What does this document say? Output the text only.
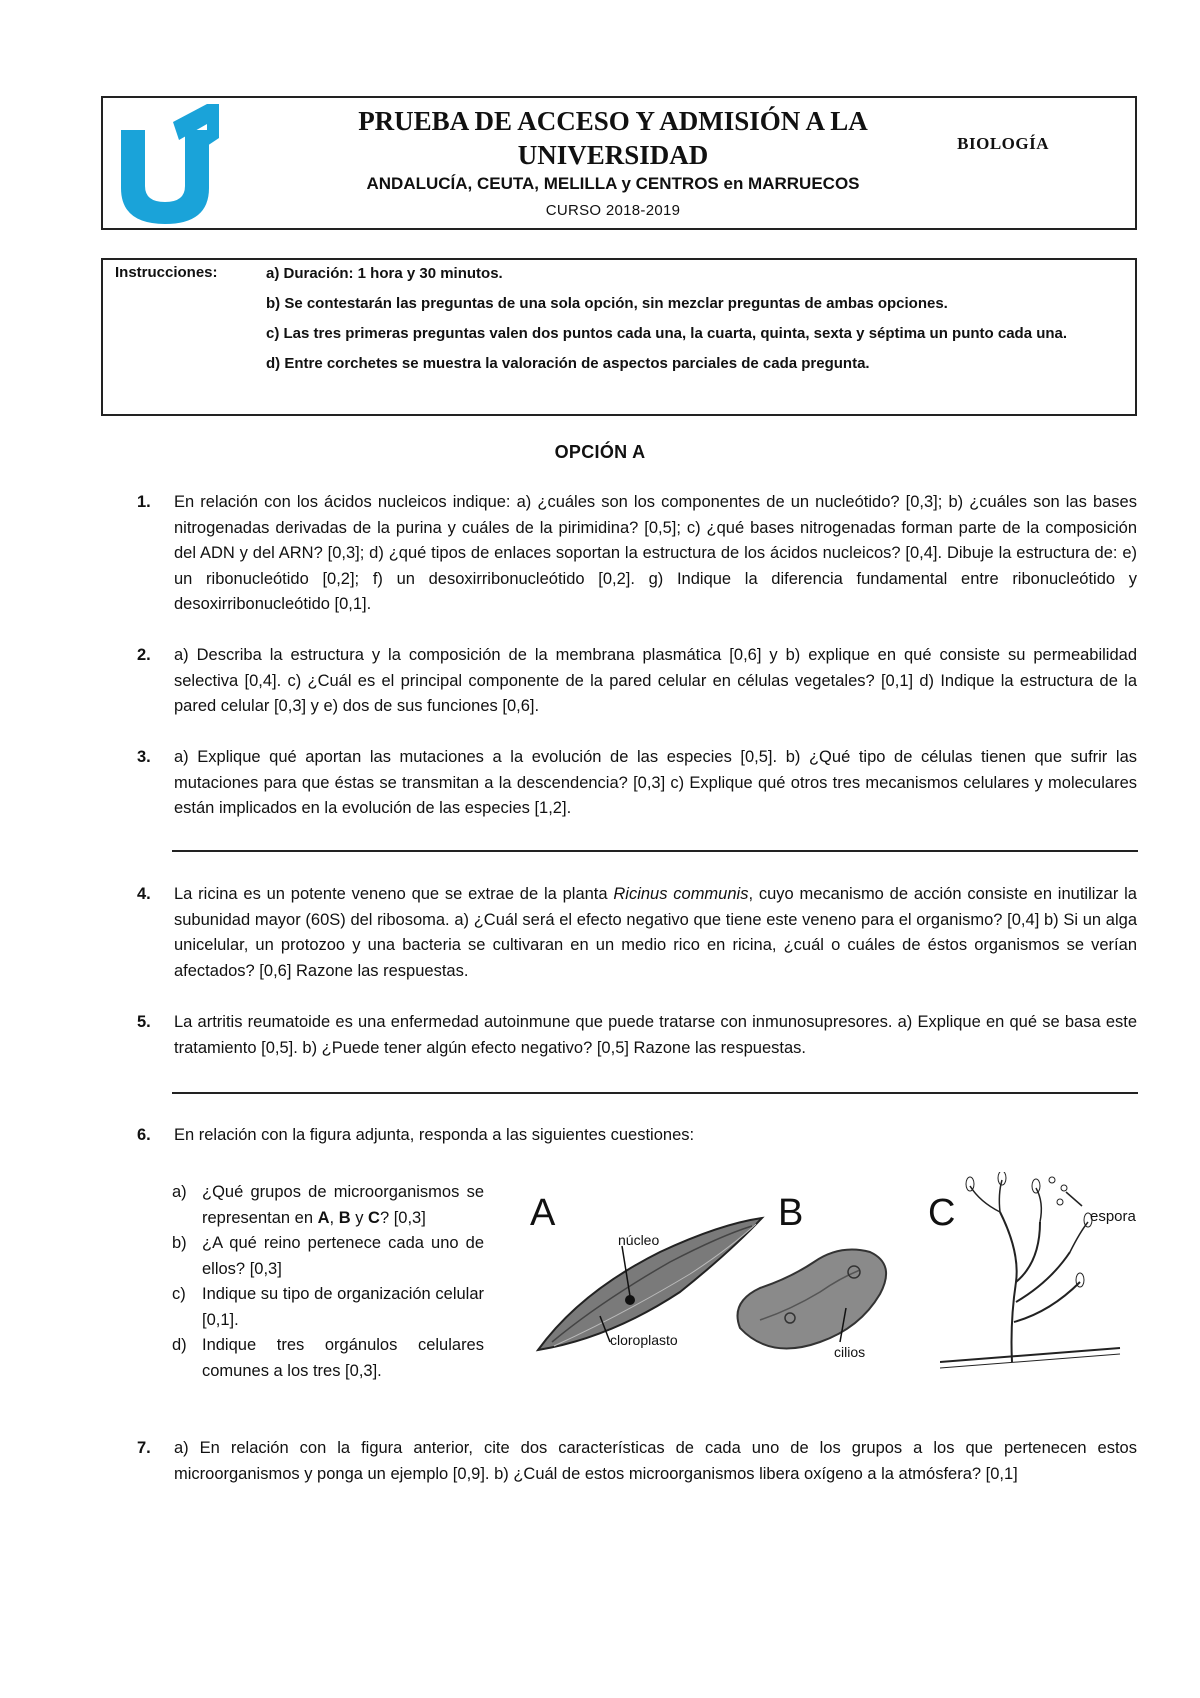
PRUEBA DE ACCESO Y ADMISIÓN A LA UNIVERSIDAD	BIOLOGÍA
ANDALUCÍA, CEUTA, MELILLA y CENTROS en MARRUECOS
CURSO 2018-2019
Instrucciones:	a) Duración: 1 hora y 30 minutos.
b) Se contestarán las preguntas de una sola opción, sin mezclar preguntas de ambas opciones.
c) Las tres primeras preguntas valen dos puntos cada una, la cuarta, quinta, sexta y séptima un punto cada una.
d) Entre corchetes se muestra la valoración de aspectos parciales de cada pregunta.
OPCIÓN A
1. En relación con los ácidos nucleicos indique: a) ¿cuáles son los componentes de un nucleótido? [0,3]; b) ¿cuáles son las bases nitrogenadas derivadas de la purina y cuáles de la pirimidina? [0,5]; c) ¿qué bases nitrogenadas forman parte de la composición del ADN y del ARN? [0,3]; d) ¿qué tipos de enlaces soportan la estructura de los ácidos nucleicos? [0,4]. Dibuje la estructura de: e) un ribonucleótido [0,2]; f) un desoxirribonucleótido [0,2]. g) Indique la diferencia fundamental entre ribonucleótido y desoxirribonucleótido [0,1].
2. a) Describa la estructura y la composición de la membrana plasmática [0,6] y b) explique en qué consiste su permeabilidad selectiva [0,4]. c) ¿Cuál es el principal componente de la pared celular en células vegetales? [0,1] d) Indique la estructura de la pared celular [0,3] y e) dos de sus funciones [0,6].
3. a) Explique qué aportan las mutaciones a la evolución de las especies [0,5]. b) ¿Qué tipo de células tienen que sufrir las mutaciones para que éstas se transmitan a la descendencia? [0,3] c) Explique qué otros tres mecanismos celulares y moleculares están implicados en la evolución de las especies [1,2].
4. La ricina es un potente veneno que se extrae de la planta Ricinus communis, cuyo mecanismo de acción consiste en inutilizar la subunidad mayor (60S) del ribosoma. a) ¿Cuál será el efecto negativo que tiene este veneno para el organismo? [0,4] b) Si un alga unicelular, un protozoo y una bacteria se cultivaran en un medio rico en ricina, ¿cuál o cuáles de éstos organismos se verían afectados? [0,6] Razone las respuestas.
5. La artritis reumatoide es una enfermedad autoinmune que puede tratarse con inmunosupresores. a) Explique en qué se basa este tratamiento [0,5]. b) ¿Puede tener algún efecto negativo? [0,5] Razone las respuestas.
6. En relación con la figura adjunta, responda a las siguientes cuestiones:
a) ¿Qué grupos de microorganismos se representan en A, B y C? [0,3]
b) ¿A qué reino pertenece cada uno de ellos? [0,3]
c) Indique su tipo de organización celular [0,1].
d) Indique tres orgánulos celulares comunes a los tres [0,3].
A	B	C
núcleo
cloroplasto
cilios
espora
7. a) En relación con la figura anterior, cite dos características de cada uno de los grupos a los que pertenecen estos microorganismos y ponga un ejemplo [0,9]. b) ¿Cuál de estos microorganismos libera oxígeno a la atmósfera? [0,1]
